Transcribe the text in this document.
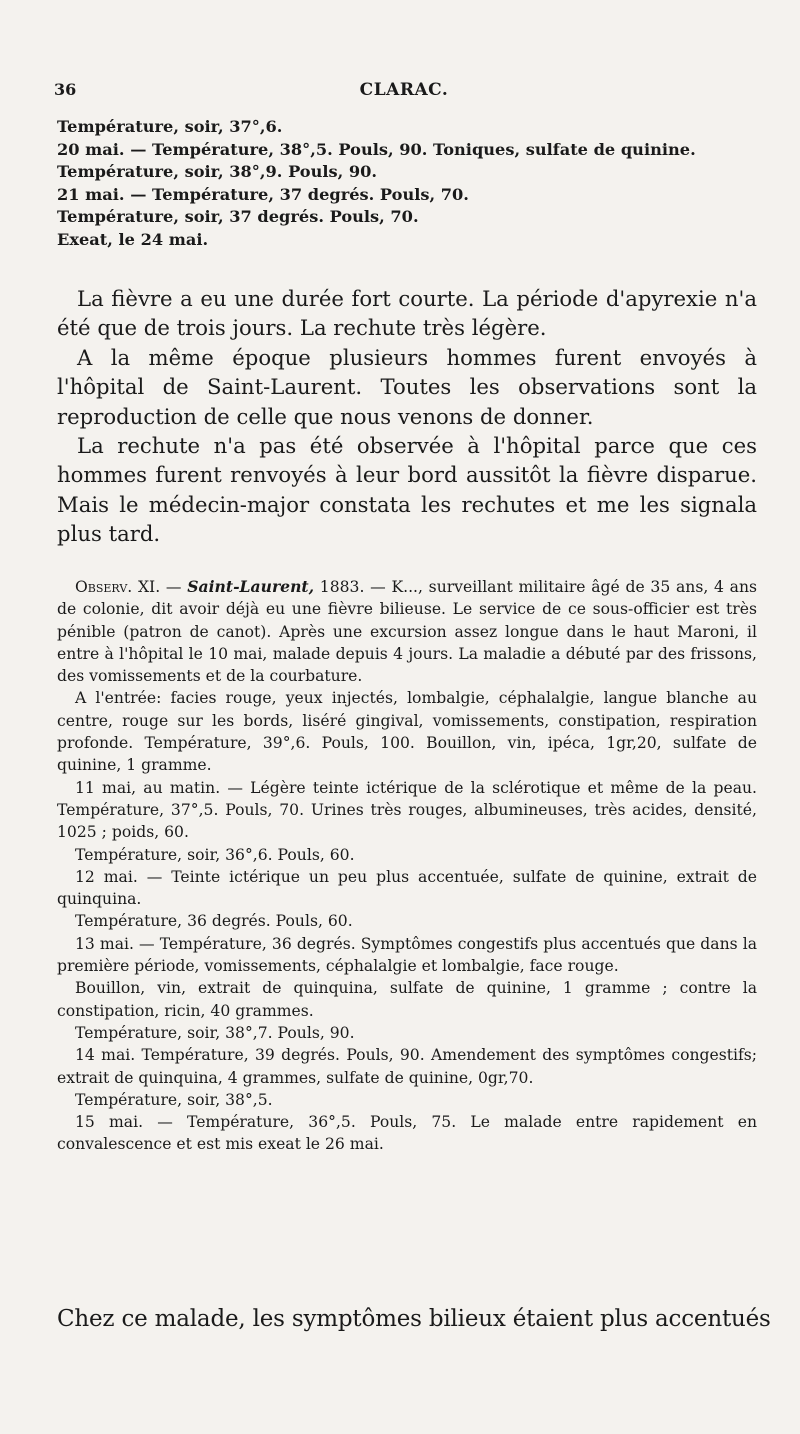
36	CLARAC.

Température, soir, 37°,6.

20 mai. — Température, 38°,5. Pouls, 90. Toniques, sulfate de quinine.

Température, soir, 38°,9. Pouls, 90.

21 mai. — Température, 37 degrés. Pouls, 70.

Température, soir, 37 degrés. Pouls, 70.

Exeat, le 24 mai.

La fièvre a eu une durée fort courte. La période d'apyrexie n'a été que de trois jours. La rechute très légère.

A la même époque plusieurs hommes furent envoyés à l'hôpital de Saint-Laurent. Toutes les observations sont la reproduction de celle que nous venons de donner.

La rechute n'a pas été observée à l'hôpital parce que ces hommes furent renvoyés à leur bord aussitôt la fièvre disparue. Mais le médecin-major constata les rechutes et me les signala plus tard.

Observ. XI. — Saint-Laurent, 1883. — K..., surveillant militaire âgé de 35 ans, 4 ans de colonie, dit avoir déjà eu une fièvre bilieuse. Le service de ce sous-officier est très pénible (patron de canot). Après une excursion assez longue dans le haut Maroni, il entre à l'hôpital le 10 mai, malade depuis 4 jours. La maladie a débuté par des frissons, des vomissements et de la courbature.

A l'entrée: facies rouge, yeux injectés, lombalgie, céphalalgie, langue blanche au centre, rouge sur les bords, liséré gingival, vomissements, constipation, respiration profonde. Température, 39°,6. Pouls, 100. Bouillon, vin, ipéca, 1gr,20, sulfate de quinine, 1 gramme.

11 mai, au matin. — Légère teinte ictérique de la sclérotique et même de la peau. Température, 37°,5. Pouls, 70. Urines très rouges, albumineuses, très acides, densité, 1025 ; poids, 60.

Température, soir, 36°,6. Pouls, 60.

12 mai. — Teinte ictérique un peu plus accentuée, sulfate de quinine, extrait de quinquina.

Température, 36 degrés. Pouls, 60.

13 mai. — Température, 36 degrés. Symptômes congestifs plus accentués que dans la première période, vomissements, céphalalgie et lombalgie, face rouge.

Bouillon, vin, extrait de quinquina, sulfate de quinine, 1 gramme ; contre la constipation, ricin, 40 grammes.

Température, soir, 38°,7. Pouls, 90.

14 mai. Température, 39 degrés. Pouls, 90. Amendement des symptômes congestifs; extrait de quinquina, 4 grammes, sulfate de quinine, 0gr,70.

Température, soir, 38°,5.

15 mai. — Température, 36°,5. Pouls, 75. Le malade entre rapidement en convalescence et est mis exeat le 26 mai.

Chez ce malade, les symptômes bilieux étaient plus accentués
